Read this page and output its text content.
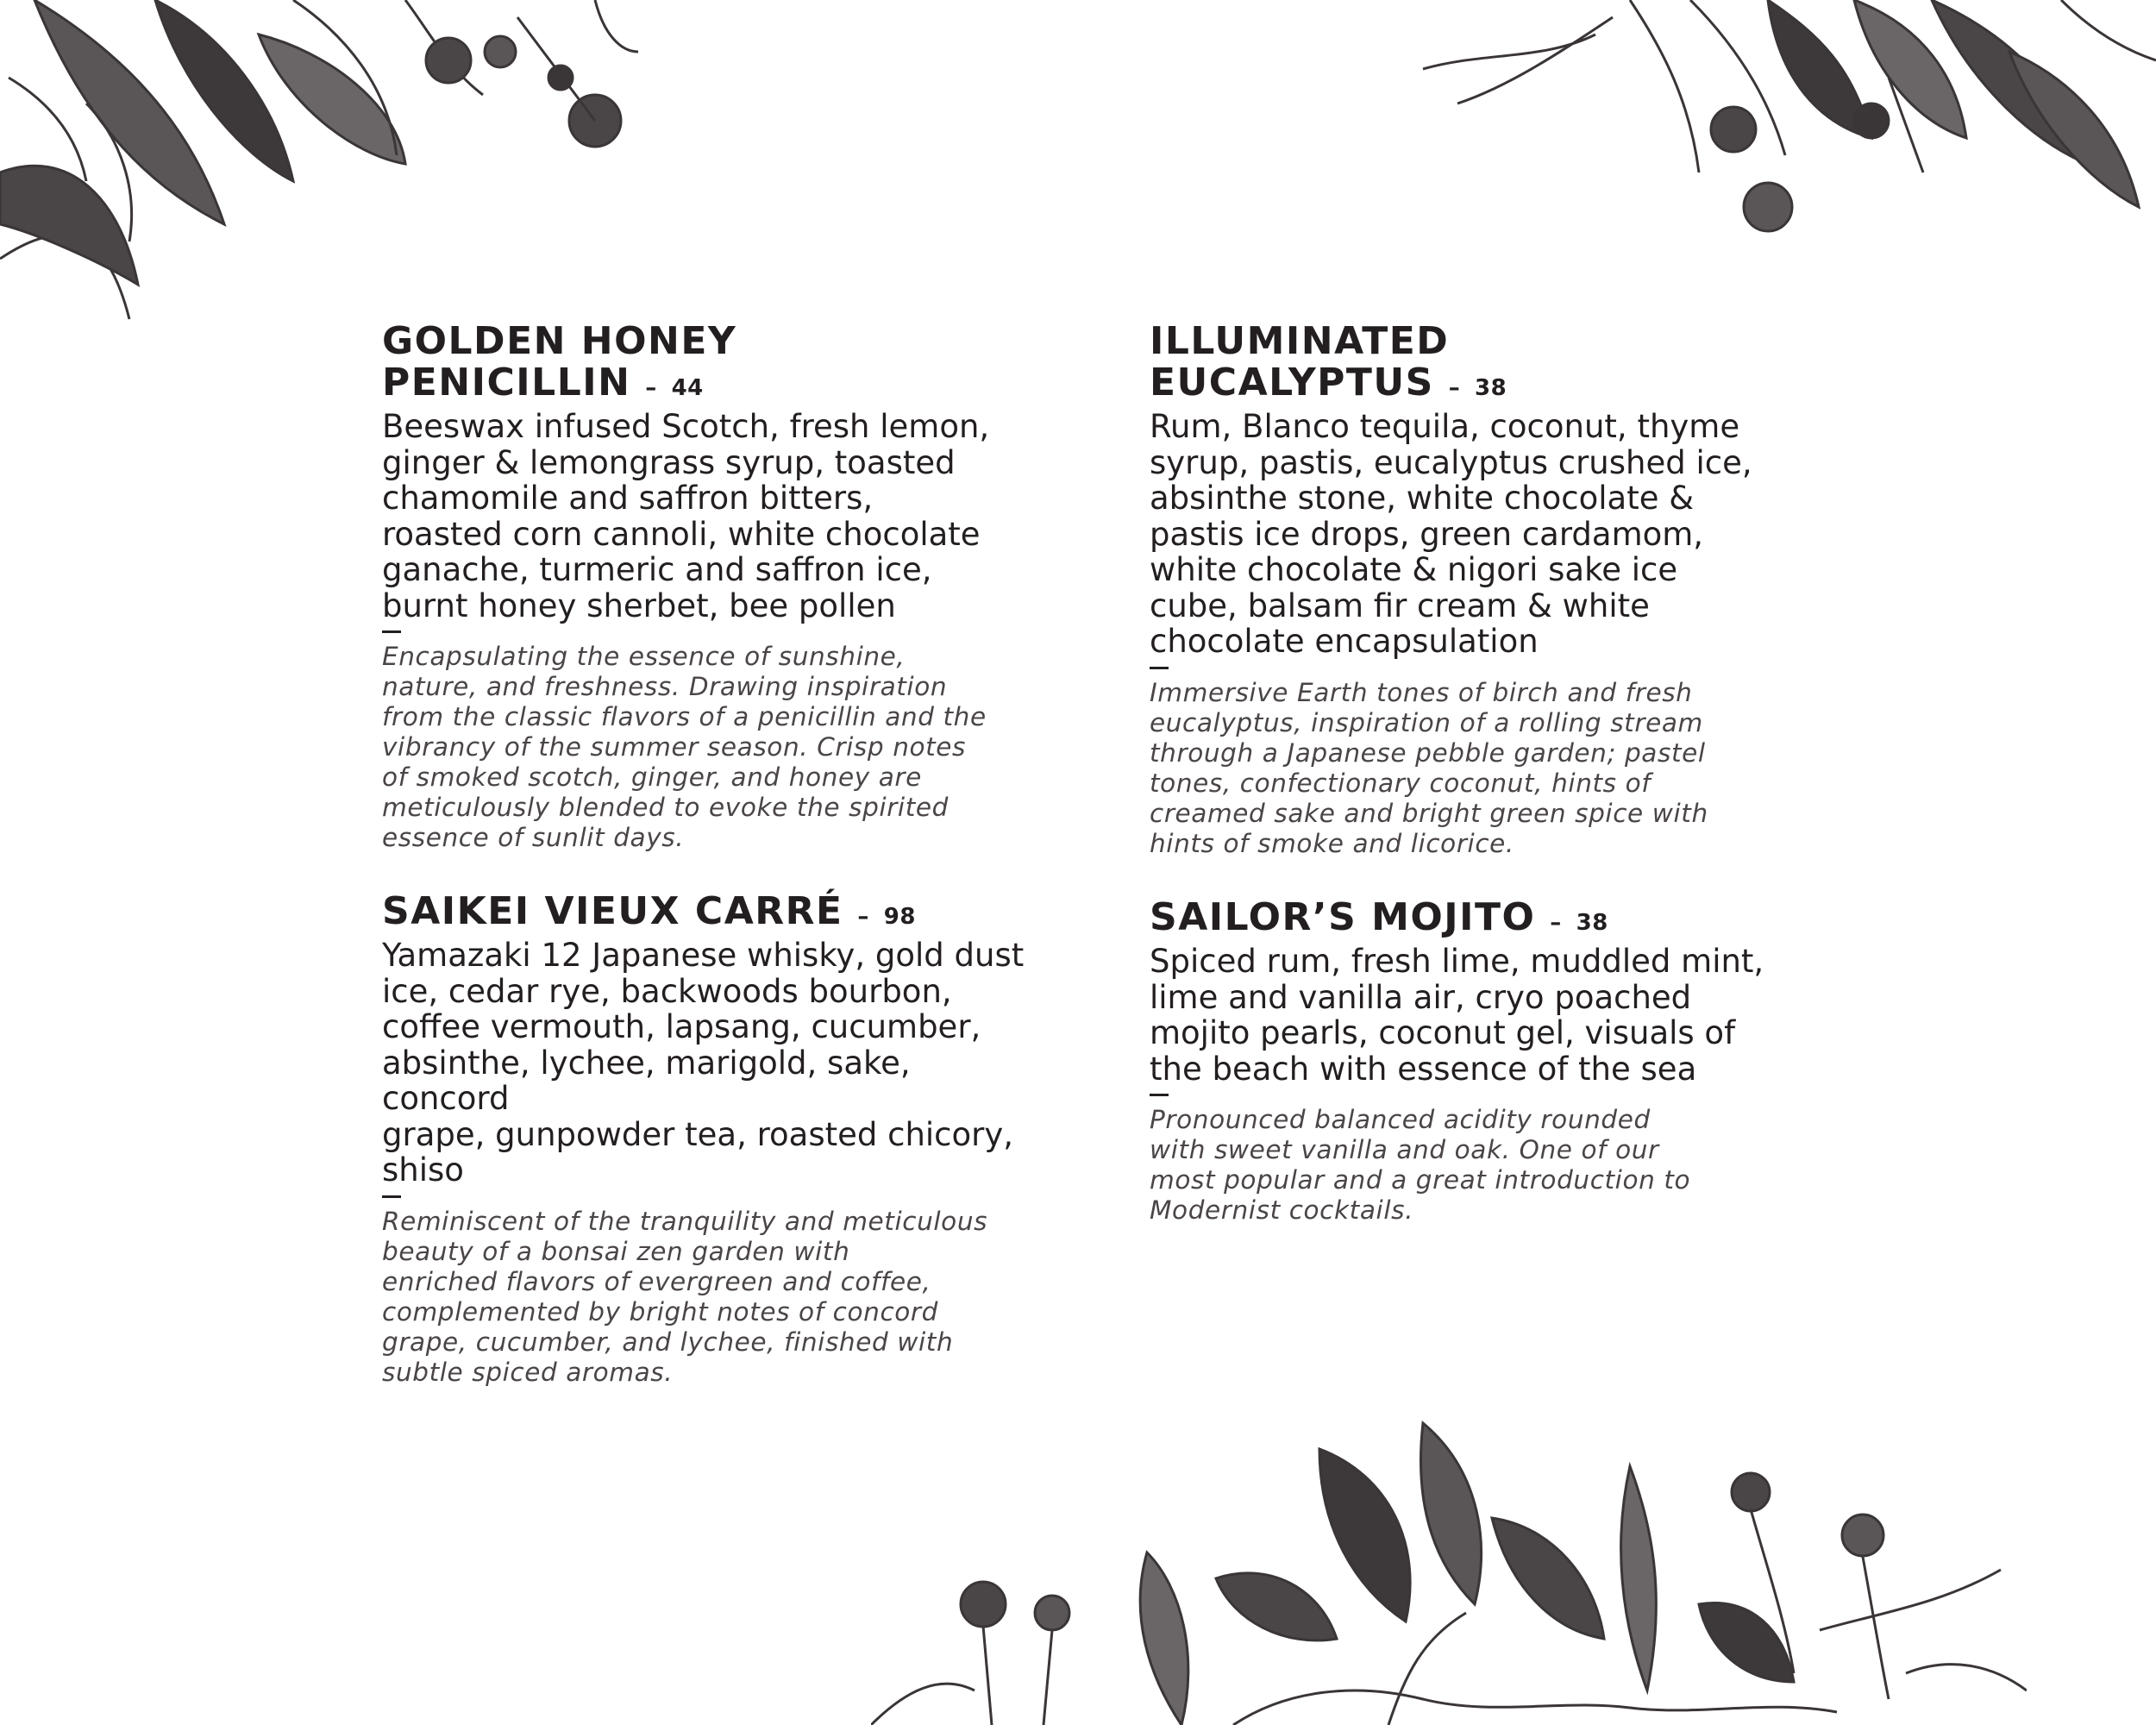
GOLDEN HONEY
PENICILLIN – 44

Beeswax infused Scotch, fresh lemon,
ginger & lemongrass syrup, toasted
chamomile and saffron bitters,
roasted corn cannoli, white chocolate
ganache, turmeric and saffron ice,
burnt honey sherbet, bee pollen

Encapsulating the essence of sunshine,
nature, and freshness. Drawing inspiration
from the classic flavors of a penicillin and the
vibrancy of the summer season. Crisp notes
of smoked scotch, ginger, and honey are
meticulously blended to evoke the spirited
essence of sunlit days.

ILLUMINATED
EUCALYPTUS – 38

Rum, Blanco tequila, coconut, thyme
syrup, pastis, eucalyptus crushed ice,
absinthe stone, white chocolate &
pastis ice drops, green cardamom,
white chocolate & nigori sake ice
cube, balsam fir cream & white
chocolate encapsulation

Immersive Earth tones of birch and fresh
eucalyptus, inspiration of a rolling stream
through a Japanese pebble garden; pastel
tones, confectionary coconut, hints of
creamed sake and bright green spice with
hints of smoke and licorice.

SAIKEI VIEUX CARRÉ – 98

Yamazaki 12 Japanese whisky, gold dust
ice, cedar rye, backwoods bourbon,
coffee vermouth, lapsang, cucumber,
absinthe, lychee, marigold, sake, concord
grape, gunpowder tea, roasted chicory,
shiso

Reminiscent of the tranquility and meticulous
beauty of a bonsai zen garden with
enriched flavors of evergreen and coffee,
complemented by bright notes of concord
grape, cucumber, and lychee, finished with
subtle spiced aromas.

SAILOR’S MOJITO – 38

Spiced rum, fresh lime, muddled mint,
lime and vanilla air, cryo poached
mojito pearls, coconut gel, visuals of
the beach with essence of the sea

Pronounced balanced acidity rounded
with sweet vanilla and oak. One of our
most popular and a great introduction to
Modernist cocktails.
